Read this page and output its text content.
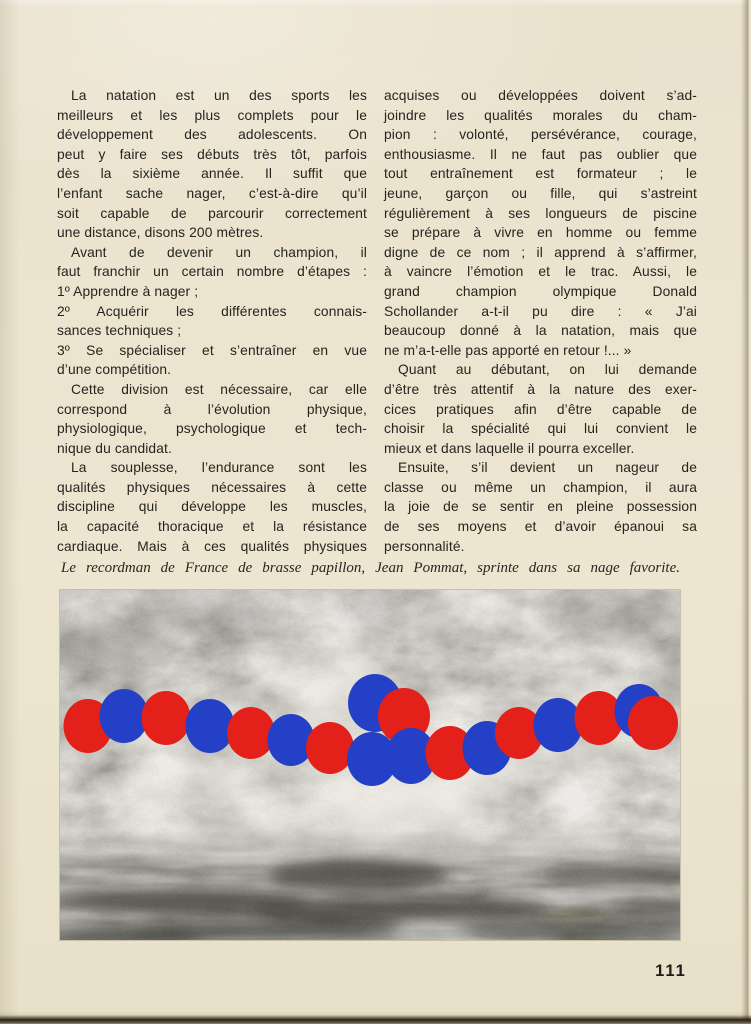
La natation est un des sports les
meilleurs et les plus complets pour le
développement des adolescents. On
peut y faire ses débuts très tôt, parfois
dès la sixième année. Il suffit que
l’enfant sache nager, c’est-à-dire qu’il
soit capable de parcourir correctement
une distance, disons 200 mètres.
Avant de devenir un champion, il
faut franchir un certain nombre d’étapes :
1º Apprendre à nager ;
2º Acquérir les différentes connais-
sances techniques ;
3º Se spécialiser et s’entraîner en vue
d’une compétition.
Cette division est nécessaire, car elle
correspond à l’évolution physique,
physiologique, psychologique et tech-
nique du candidat.
La souplesse, l’endurance sont les
qualités physiques nécessaires à cette
discipline qui développe les muscles,
la capacité thoracique et la résistance
cardiaque. Mais à ces qualités physiques
acquises ou développées doivent s’ad-
joindre les qualités morales du cham-
pion : volonté, persévérance, courage,
enthousiasme. Il ne faut pas oublier que
tout entraînement est formateur ; le
jeune, garçon ou fille, qui s’astreint
régulièrement à ses longueurs de piscine
se prépare à vivre en homme ou femme
digne de ce nom ; il apprend à s’affirmer,
à vaincre l’émotion et le trac. Aussi, le
grand champion olympique Donald
Schollander a-t-il pu dire : « J’ai
beaucoup donné à la natation, mais que
ne m’a-t-elle pas apporté en retour !... »
Quant au débutant, on lui demande
d’être très attentif à la nature des exer-
cices pratiques afin d’être capable de
choisir la spécialité qui lui convient le
mieux et dans laquelle il pourra exceller.
Ensuite, s’il devient un nageur de
classe ou même un champion, il aura
la joie de se sentir en pleine possession
de ses moyens et d’avoir épanoui sa
personnalité.
Le recordman de France de brasse papillon, Jean Pommat, sprinte dans sa nage favorite.
111
